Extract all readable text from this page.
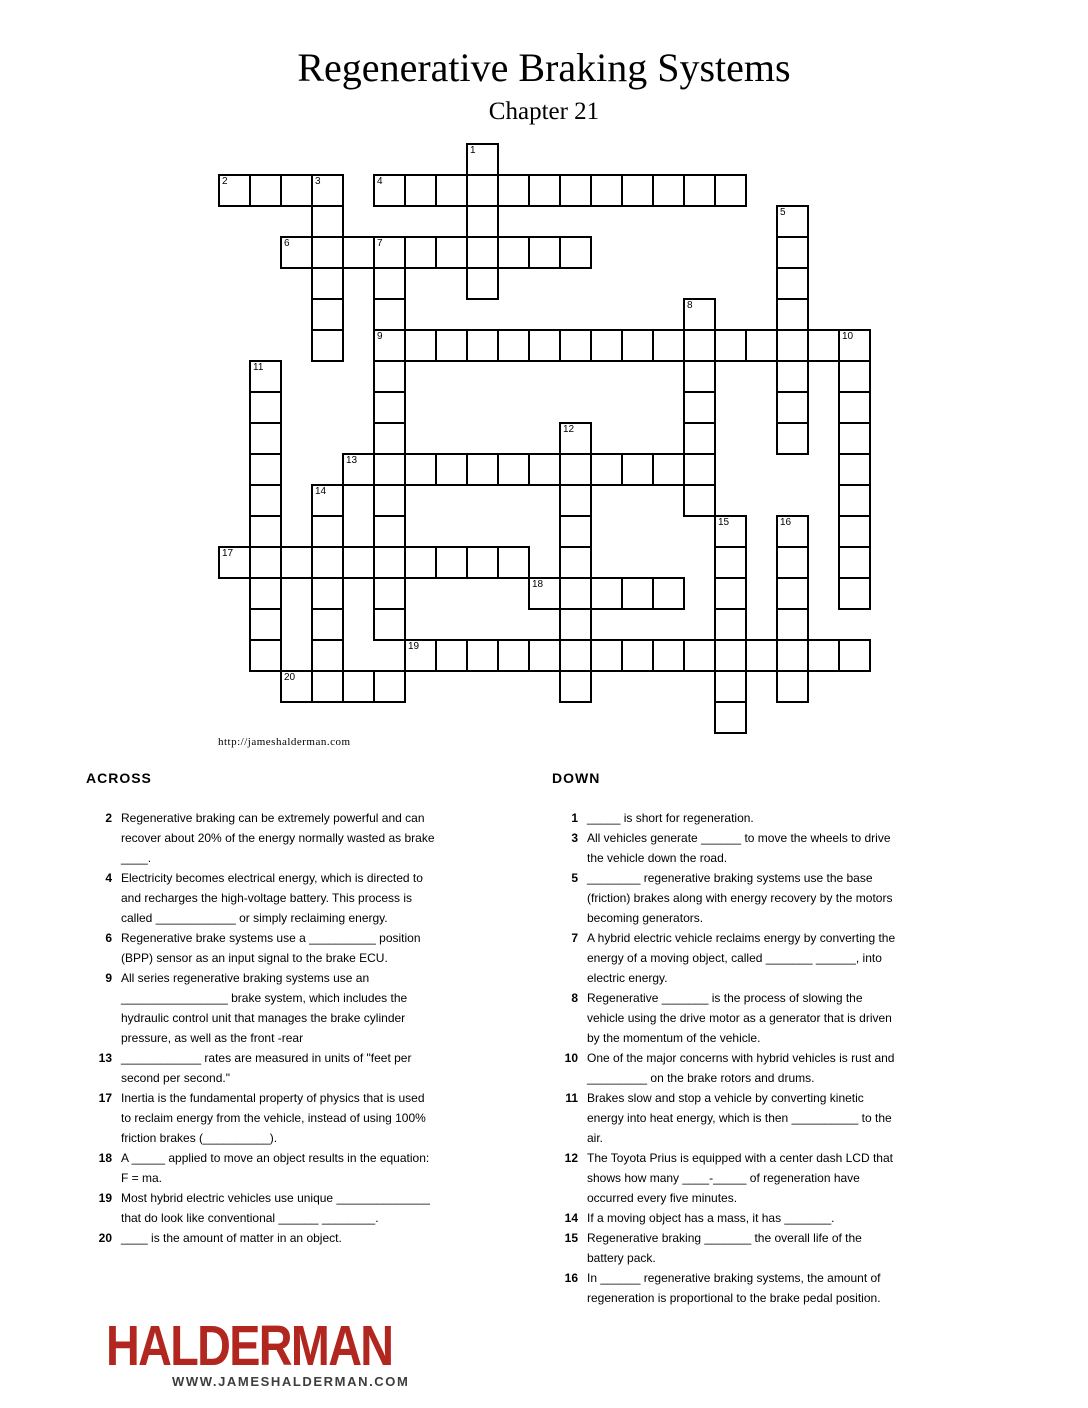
Regenerative Braking Systems
Chapter 21
1
2	3	4
5
6	7
8
9	10
11
12
13
14
15	16
17
18
19
20
http://jameshalderman.com
ACROSS
2 Regenerative braking can be extremely powerful and can recover about 20% of the energy normally wasted as brake ____.
4 Electricity becomes electrical energy, which is directed to and recharges the high-voltage battery. This process is called ____________ or simply reclaiming energy.
6 Regenerative brake systems use a __________ position (BPP) sensor as an input signal to the brake ECU.
9 All series regenerative braking systems use an ________________ brake system, which includes the hydraulic control unit that manages the brake cylinder pressure, as well as the front -rear
13 ____________ rates are measured in units of "feet per second per second."
17 Inertia is the fundamental property of physics that is used to reclaim energy from the vehicle, instead of using 100% friction brakes (__________).
18 A _____ applied to move an object results in the equation: F = ma.
19 Most hybrid electric vehicles use unique ______________ that do look like conventional ______ ________.
20 ____ is the amount of matter in an object.
DOWN
1 _____ is short for regeneration.
3 All vehicles generate ______ to move the wheels to drive the vehicle down the road.
5 ________ regenerative braking systems use the base (friction) brakes along with energy recovery by the motors becoming generators.
7 A hybrid electric vehicle reclaims energy by converting the energy of a moving object, called _______ ______, into electric energy.
8 Regenerative _______ is the process of slowing the vehicle using the drive motor as a generator that is driven by the momentum of the vehicle.
10 One of the major concerns with hybrid vehicles is rust and _________ on the brake rotors and drums.
11 Brakes slow and stop a vehicle by converting kinetic energy into heat energy, which is then __________ to the air.
12 The Toyota Prius is equipped with a center dash LCD that shows how many ____-_____ of regeneration have occurred every five minutes.
14 If a moving object has a mass, it has _______.
15 Regenerative braking _______ the overall life of the battery pack.
16 In ______ regenerative braking systems, the amount of regeneration is proportional to the brake pedal position.
HALDERMAN
WWW.JAMESHALDERMAN.COM
